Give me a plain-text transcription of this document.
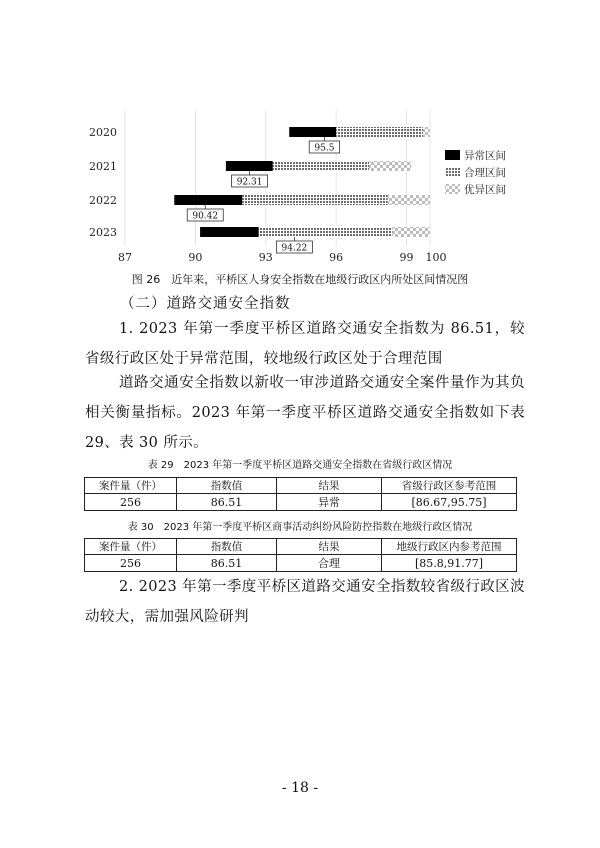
95.5
92.31
90.42
94.22
2020
2021
2022
2023
87	90	93	96	99 100
异常区间
合理区间
优异区间
图 26　近年来，平桥区人身安全指数在地级行政区内所处区间情况图
（二）道路交通安全指数
1. 2023 年第一季度平桥区道路交通安全指数为 86.51，较省级行政区处于异常范围，较地级行政区处于合理范围
道路交通安全指数以新收一审涉道路交通安全案件量作为其负相关衡量指标。2023 年第一季度平桥区道路交通安全指数如下表 29、表 30 所示。
表 29　2023 年第一季度平桥区道路交通安全指数在省级行政区情况
案件量（件）	指数值	结果	省级行政区参考范围
256	86.51	异常	[86.67,95.75]
表 30　2023 年第一季度平桥区商事活动纠纷风险防控指数在地级行政区情况
案件量（件）	指数值	结果	地级行政区内参考范围
256	86.51	合理	[85.8,91.77]
2. 2023 年第一季度平桥区道路交通安全指数较省级行政区波动较大，需加强风险研判
- 18 -
